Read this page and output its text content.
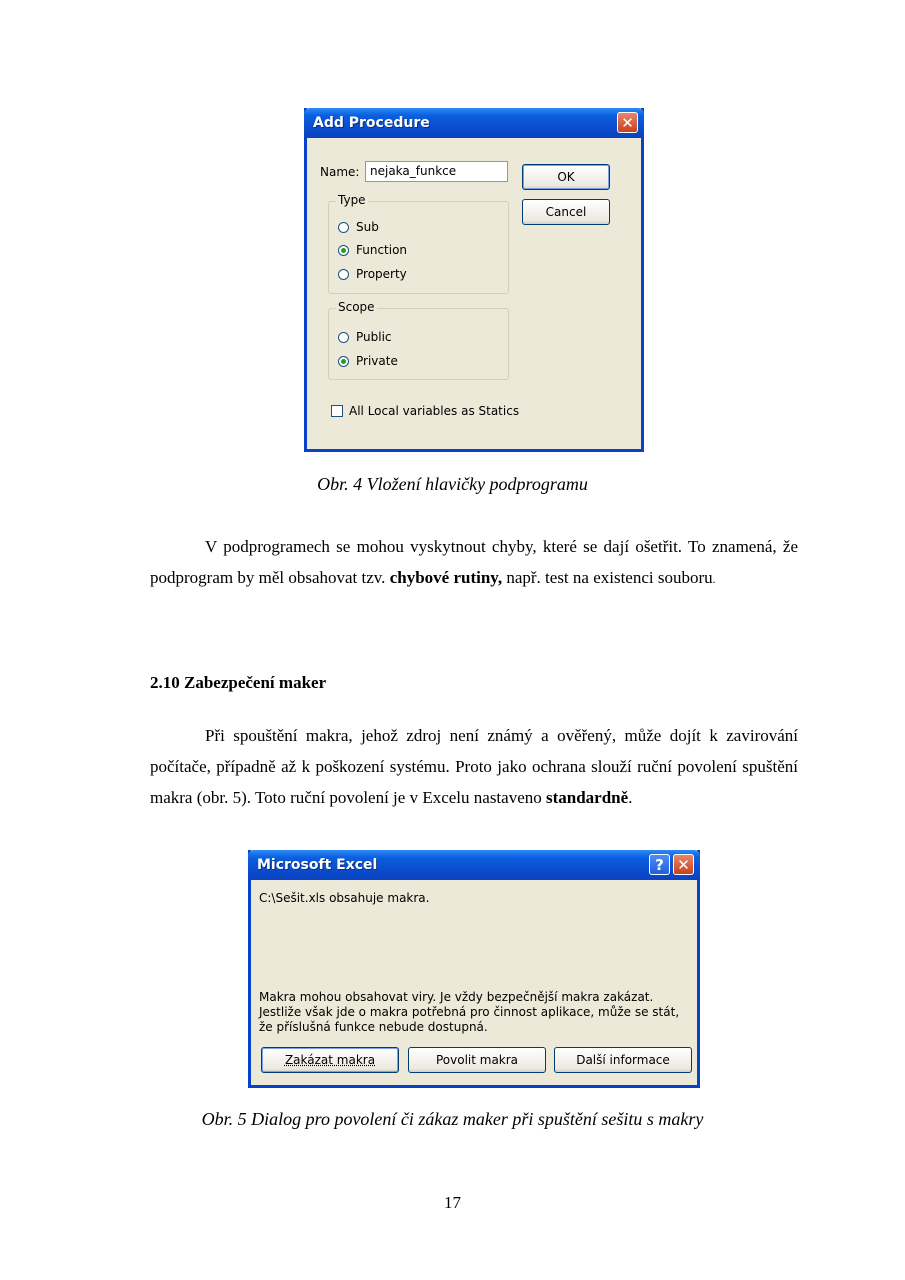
Add Procedure	✕
Name: nejaka_funkce	OK
Cancel
Type
Sub
Function
Property
Scope
Public
Private
All Local variables as Statics
Obr. 4 Vložení hlavičky podprogramu
V podprogramech se mohou vyskytnout chyby, které se dají ošetřit. To znamená, že podprogram by měl obsahovat tzv. chybové rutiny, např. test na existenci souboru.
2.10 Zabezpečení maker
Při spouštění makra, jehož zdroj není známý a ověřený, může dojít k zavirování počítače, případně až k poškození systému. Proto jako ochrana slouží ruční povolení spuštění makra (obr. 5). Toto ruční povolení je v Excelu nastaveno standardně.
Microsoft Excel	? ✕
C:\Sešit.xls obsahuje makra.
Makra mohou obsahovat viry. Je vždy bezpečnější makra zakázat. Jestliže však jde o makra potřebná pro činnost aplikace, může se stát, že příslušná funkce nebude dostupná.
Zakázat makra	Povolit makra	Další informace
Obr. 5 Dialog pro povolení či zákaz maker při spuštění sešitu s makry
17
